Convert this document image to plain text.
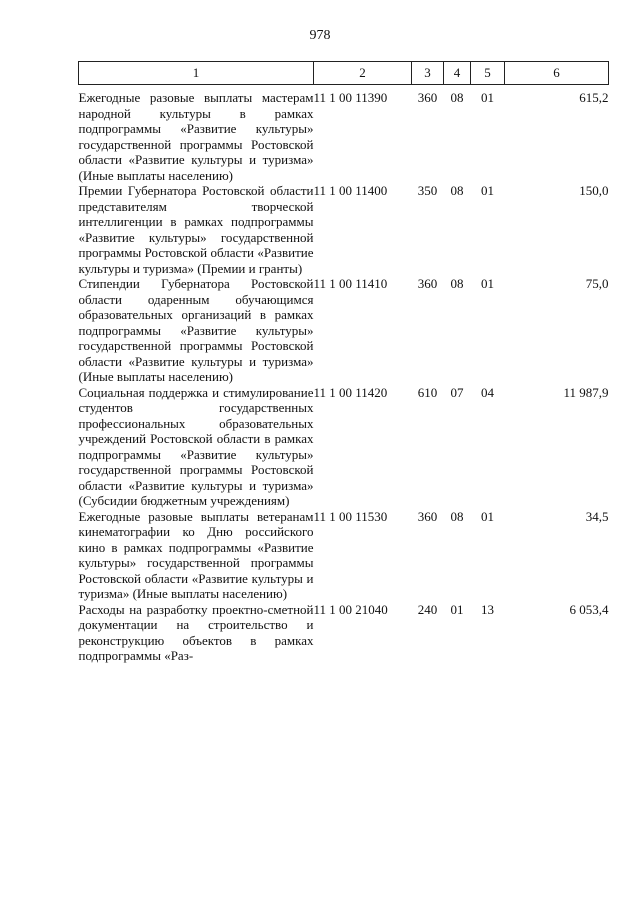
978
1	2	3	4	5	6

Ежегодные разовые выплаты мастерам народной культуры в рамках подпрограммы «Развитие культуры» государственной программы Ростовской области «Развитие культуры и туризма» (Иные выплаты населению)	11 1 00 11390	360	08	01	615,2
Премии Губернатора Ростовской области представителям творческой интеллигенции в рамках подпрограммы «Развитие культуры» государственной программы Ростовской области «Развитие культуры и туризма» (Премии и гранты)	11 1 00 11400	350	08	01	150,0
Стипендии Губернатора Ростовской области одаренным обучающимся образовательных организаций в рамках подпрограммы «Развитие культуры» государственной программы Ростовской области «Развитие культуры и туризма» (Иные выплаты населению)	11 1 00 11410	360	08	01	75,0
Социальная поддержка и стимулирование студентов государственных профессиональных образовательных учреждений Ростовской области в рамках подпрограммы «Развитие культуры» государственной программы Ростовской области «Развитие культуры и туризма» (Субсидии бюджетным учреждениям)	11 1 00 11420	610	07	04	11 987,9
Ежегодные разовые выплаты ветеранам кинематографии ко Дню российского кино в рамках подпрограммы «Развитие культуры» государственной программы Ростовской области «Развитие культуры и туризма» (Иные выплаты населению)	11 1 00 11530	360	08	01	34,5
Расходы на разработку проектно-сметной документации на строительство и реконструкцию объектов в рамках подпрограммы «Раз-	11 1 00 21040	240	01	13	6 053,4
